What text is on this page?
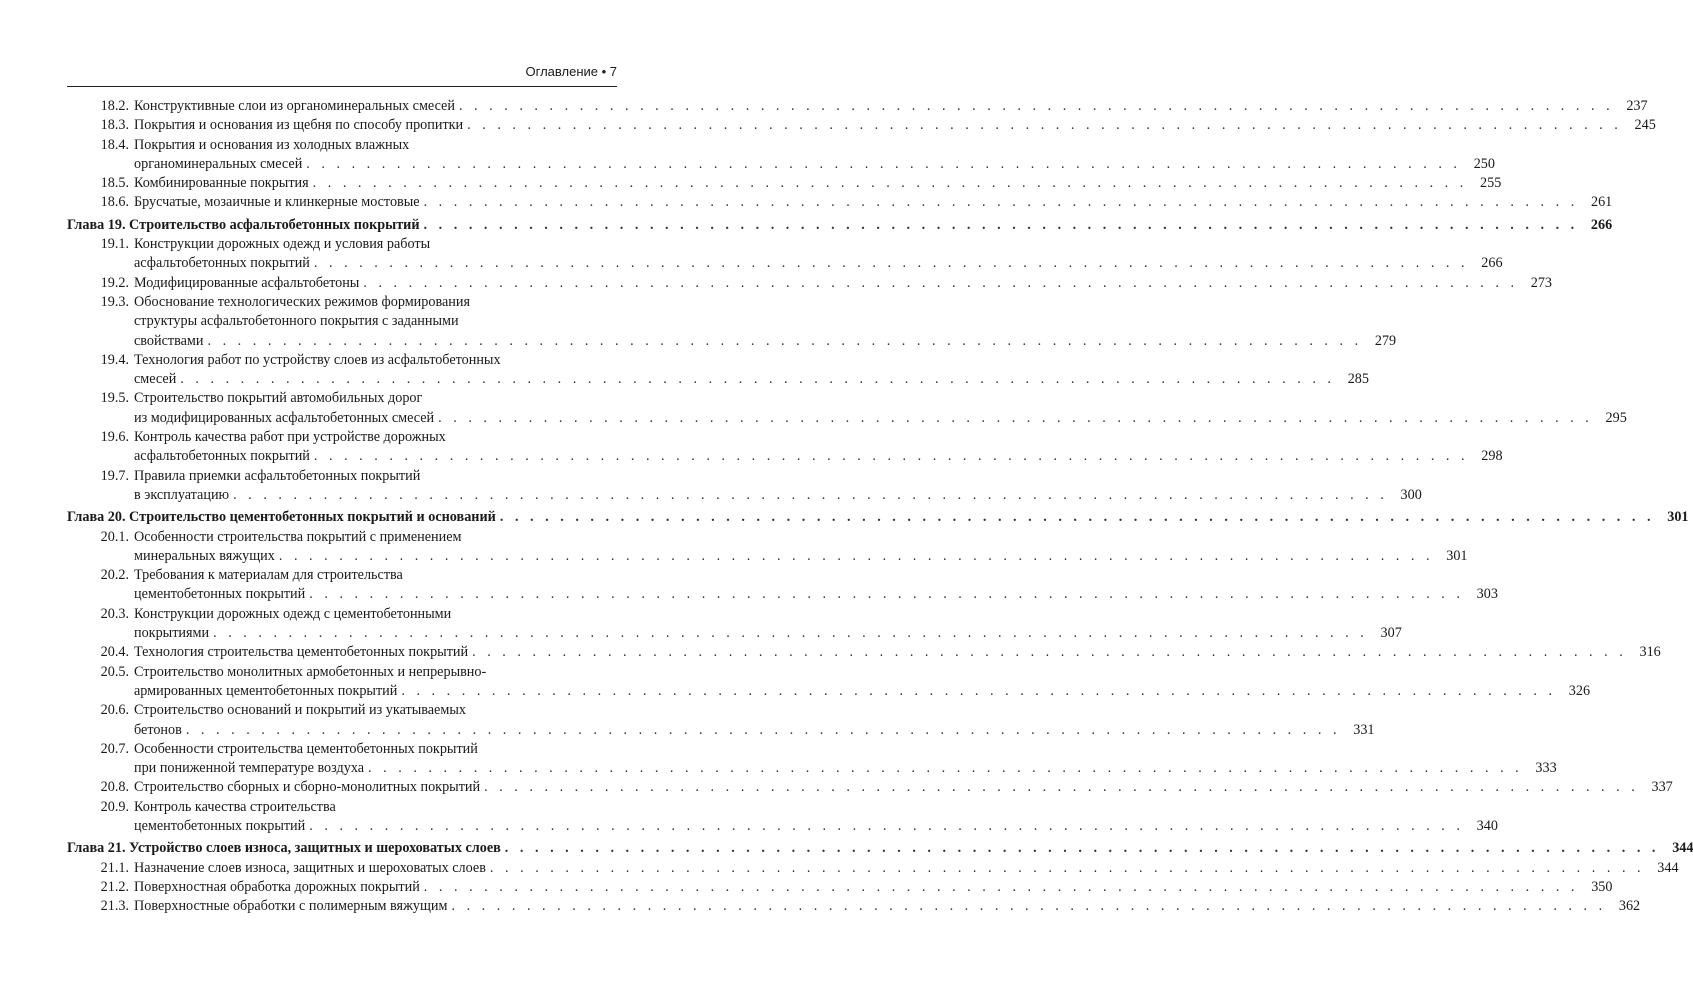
Оглавление • 7
18.2. Конструктивные слои из органоминеральных смесей . . . . . . . . . . . . . . . . . . . . . . . . . . . . . . . . . . . . . . . . . . . . . . . . . . . . . . . . . . . . . . . . . . . . . . . . . . . . . 237
18.3. Покрытия и основания из щебня по способу пропитки . . . . . . . . . . . . . . . . . . . . . . . . . . . . . . . . . . . . . . . . . . . . . . . . . . . . . . . . . . . . . . . . . . . . . . . . . . . . . 245
18.4. Покрытия и основания из холодных влажных
органоминеральных смесей . . . . . . . . . . . . . . . . . . . . . . . . . . . . . . . . . . . . . . . . . . . . . . . . . . . . . . . . . . . . . . . . . . . . . . . . . . . . . 250
18.5. Комбинированные покрытия . . . . . . . . . . . . . . . . . . . . . . . . . . . . . . . . . . . . . . . . . . . . . . . . . . . . . . . . . . . . . . . . . . . . . . . . . . . . . 255
18.6. Брусчатые, мозаичные и клинкерные мостовые . . . . . . . . . . . . . . . . . . . . . . . . . . . . . . . . . . . . . . . . . . . . . . . . . . . . . . . . . . . . . . . . . . . . . . . . . . . . . 261
Глава 19. Строительство асфальтобетонных покрытий . . . . . . . . . . . . . . . . . . . . . . . . . . . . . . . . . . . . . . . . . . . . . . . . . . . . . . . . . . . . . . . . . . . . . . . . . . . . . 266
19.1. Конструкции дорожных одежд и условия работы
асфальтобетонных покрытий . . . . . . . . . . . . . . . . . . . . . . . . . . . . . . . . . . . . . . . . . . . . . . . . . . . . . . . . . . . . . . . . . . . . . . . . . . . . . 266
19.2. Модифицированные асфальтобетоны . . . . . . . . . . . . . . . . . . . . . . . . . . . . . . . . . . . . . . . . . . . . . . . . . . . . . . . . . . . . . . . . . . . . . . . . . . . . . 273
19.3. Обоснование технологических режимов формирования
структуры асфальтобетонного покрытия с заданными
свойствами . . . . . . . . . . . . . . . . . . . . . . . . . . . . . . . . . . . . . . . . . . . . . . . . . . . . . . . . . . . . . . . . . . . . . . . . . . . . . 279
19.4. Технология работ по устройству слоев из асфальтобетонных
смесей . . . . . . . . . . . . . . . . . . . . . . . . . . . . . . . . . . . . . . . . . . . . . . . . . . . . . . . . . . . . . . . . . . . . . . . . . . . . . 285
19.5. Строительство покрытий автомобильных дорог
из модифицированных асфальтобетонных смесей . . . . . . . . . . . . . . . . . . . . . . . . . . . . . . . . . . . . . . . . . . . . . . . . . . . . . . . . . . . . . . . . . . . . . . . . . . . . . 295
19.6. Контроль качества работ при устройстве дорожных
асфальтобетонных покрытий . . . . . . . . . . . . . . . . . . . . . . . . . . . . . . . . . . . . . . . . . . . . . . . . . . . . . . . . . . . . . . . . . . . . . . . . . . . . . 298
19.7. Правила приемки асфальтобетонных покрытий
в эксплуатацию . . . . . . . . . . . . . . . . . . . . . . . . . . . . . . . . . . . . . . . . . . . . . . . . . . . . . . . . . . . . . . . . . . . . . . . . . . . . . 300
Глава 20. Строительство цементобетонных покрытий и оснований . . . . . . . . . . . . . . . . . . . . . . . . . . . . . . . . . . . . . . . . . . . . . . . . . . . . . . . . . . . . . . . . . . . . . . . . . . . . . 301
20.1. Особенности строительства покрытий с применением
минеральных вяжущих . . . . . . . . . . . . . . . . . . . . . . . . . . . . . . . . . . . . . . . . . . . . . . . . . . . . . . . . . . . . . . . . . . . . . . . . . . . . . 301
20.2. Требования к материалам для строительства
цементобетонных покрытий . . . . . . . . . . . . . . . . . . . . . . . . . . . . . . . . . . . . . . . . . . . . . . . . . . . . . . . . . . . . . . . . . . . . . . . . . . . . . 303
20.3. Конструкции дорожных одежд с цементобетонными
покрытиями . . . . . . . . . . . . . . . . . . . . . . . . . . . . . . . . . . . . . . . . . . . . . . . . . . . . . . . . . . . . . . . . . . . . . . . . . . . . . 307
20.4. Технология строительства цементобетонных покрытий . . . . . . . . . . . . . . . . . . . . . . . . . . . . . . . . . . . . . . . . . . . . . . . . . . . . . . . . . . . . . . . . . . . . . . . . . . . . . 316
20.5. Строительство монолитных армобетонных и непрерывно-
армированных цементобетонных покрытий . . . . . . . . . . . . . . . . . . . . . . . . . . . . . . . . . . . . . . . . . . . . . . . . . . . . . . . . . . . . . . . . . . . . . . . . . . . . . 326
20.6. Строительство оснований и покрытий из укатываемых
бетонов . . . . . . . . . . . . . . . . . . . . . . . . . . . . . . . . . . . . . . . . . . . . . . . . . . . . . . . . . . . . . . . . . . . . . . . . . . . . . 331
20.7. Особенности строительства цементобетонных покрытий
при пониженной температуре воздуха . . . . . . . . . . . . . . . . . . . . . . . . . . . . . . . . . . . . . . . . . . . . . . . . . . . . . . . . . . . . . . . . . . . . . . . . . . . . . 333
20.8. Строительство сборных и сборно-монолитных покрытий . . . . . . . . . . . . . . . . . . . . . . . . . . . . . . . . . . . . . . . . . . . . . . . . . . . . . . . . . . . . . . . . . . . . . . . . . . . . . 337
20.9. Контроль качества строительства
цементобетонных покрытий . . . . . . . . . . . . . . . . . . . . . . . . . . . . . . . . . . . . . . . . . . . . . . . . . . . . . . . . . . . . . . . . . . . . . . . . . . . . . 340
Глава 21. Устройство слоев износа, защитных и шероховатых слоев . . . . . . . . . . . . . . . . . . . . . . . . . . . . . . . . . . . . . . . . . . . . . . . . . . . . . . . . . . . . . . . . . . . . . . . . . . . . . 344
21.1. Назначение слоев износа, защитных и шероховатых слоев . . . . . . . . . . . . . . . . . . . . . . . . . . . . . . . . . . . . . . . . . . . . . . . . . . . . . . . . . . . . . . . . . . . . . . . . . . . . . 344
21.2. Поверхностная обработка дорожных покрытий . . . . . . . . . . . . . . . . . . . . . . . . . . . . . . . . . . . . . . . . . . . . . . . . . . . . . . . . . . . . . . . . . . . . . . . . . . . . . 350
21.3. Поверхностные обработки с полимерным вяжущим . . . . . . . . . . . . . . . . . . . . . . . . . . . . . . . . . . . . . . . . . . . . . . . . . . . . . . . . . . . . . . . . . . . . . . . . . . . . . 362
